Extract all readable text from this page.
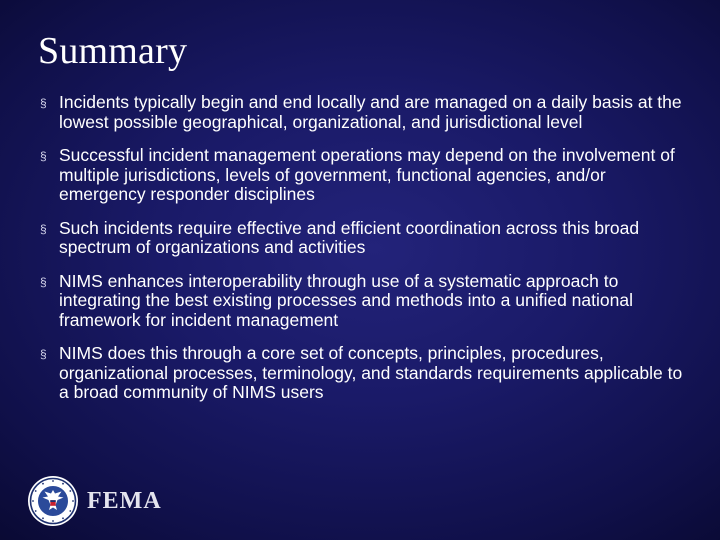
Summary
§ Incidents typically begin and end locally and are managed on a daily basis at the lowest possible geographical, organizational, and jurisdictional level
§ Successful incident management operations may depend on the involvement of multiple jurisdictions, levels of government, functional agencies, and/or emergency responder disciplines
§ Such incidents require effective and efficient coordination across this broad spectrum of organizations and activities
§ NIMS enhances interoperability through use of a systematic approach to integrating the best existing processes and methods into a unified national framework for incident management
§ NIMS does this through a core set of concepts, principles, procedures, organizational processes, terminology, and standards requirements applicable to a broad community of NIMS users
FEMA
